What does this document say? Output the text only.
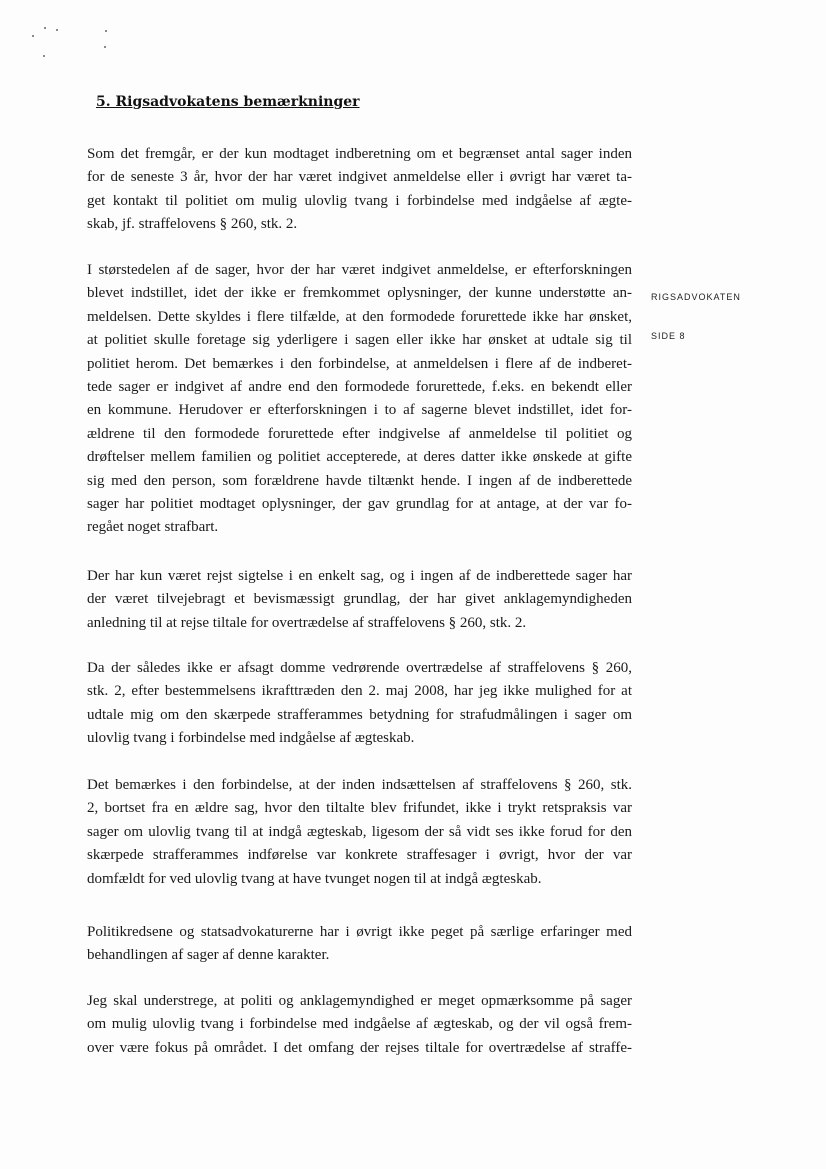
5. Rigsadvokatens bemærkninger
RIGSADVOKATEN
SIDE 8
Som det fremgår, er der kun modtaget indberetning om et begrænset antal sager inden
for de seneste 3 år, hvor der har været indgivet anmeldelse eller i øvrigt har været ta-
get kontakt til politiet om mulig ulovlig tvang i forbindelse med indgåelse af ægte-
skab, jf. straffelovens § 260, stk. 2.
I størstedelen af de sager, hvor der har været indgivet anmeldelse, er efterforskningen
blevet indstillet, idet der ikke er fremkommet oplysninger, der kunne understøtte an-
meldelsen. Dette skyldes i flere tilfælde, at den formodede forurettede ikke har ønsket,
at politiet skulle foretage sig yderligere i sagen eller ikke har ønsket at udtale sig til
politiet herom. Det bemærkes i den forbindelse, at anmeldelsen i flere af de indberet-
tede sager er indgivet af andre end den formodede forurettede, f.eks. en bekendt eller
en kommune. Herudover er efterforskningen i to af sagerne blevet indstillet, idet for-
ældrene til den formodede forurettede efter indgivelse af anmeldelse til politiet og
drøftelser mellem familien og politiet accepterede, at deres datter ikke ønskede at gifte
sig med den person, som forældrene havde tiltænkt hende. I ingen af de indberettede
sager har politiet modtaget oplysninger, der gav grundlag for at antage, at der var fo-
regået noget strafbart.
Der har kun været rejst sigtelse i en enkelt sag, og i ingen af de indberettede sager har
der været tilvejebragt et bevismæssigt grundlag, der har givet anklagemyndigheden
anledning til at rejse tiltale for overtrædelse af straffelovens § 260, stk. 2.
Da der således ikke er afsagt domme vedrørende overtrædelse af straffelovens § 260,
stk. 2, efter bestemmelsens ikrafttræden den 2. maj 2008, har jeg ikke mulighed for at
udtale mig om den skærpede strafferammes betydning for strafudmålingen i sager om
ulovlig tvang i forbindelse med indgåelse af ægteskab.
Det bemærkes i den forbindelse, at der inden indsættelsen af straffelovens § 260, stk.
2, bortset fra en ældre sag, hvor den tiltalte blev frifundet, ikke i trykt retspraksis var
sager om ulovlig tvang til at indgå ægteskab, ligesom der så vidt ses ikke forud for den
skærpede strafferammes indførelse var konkrete straffesager i øvrigt, hvor der var
domfældt for ved ulovlig tvang at have tvunget nogen til at indgå ægteskab.
Politikredsene og statsadvokaturerne har i øvrigt ikke peget på særlige erfaringer med
behandlingen af sager af denne karakter.
Jeg skal understrege, at politi og anklagemyndighed er meget opmærksomme på sager
om mulig ulovlig tvang i forbindelse med indgåelse af ægteskab, og der vil også frem-
over være fokus på området. I det omfang der rejses tiltale for overtrædelse af straffe-
